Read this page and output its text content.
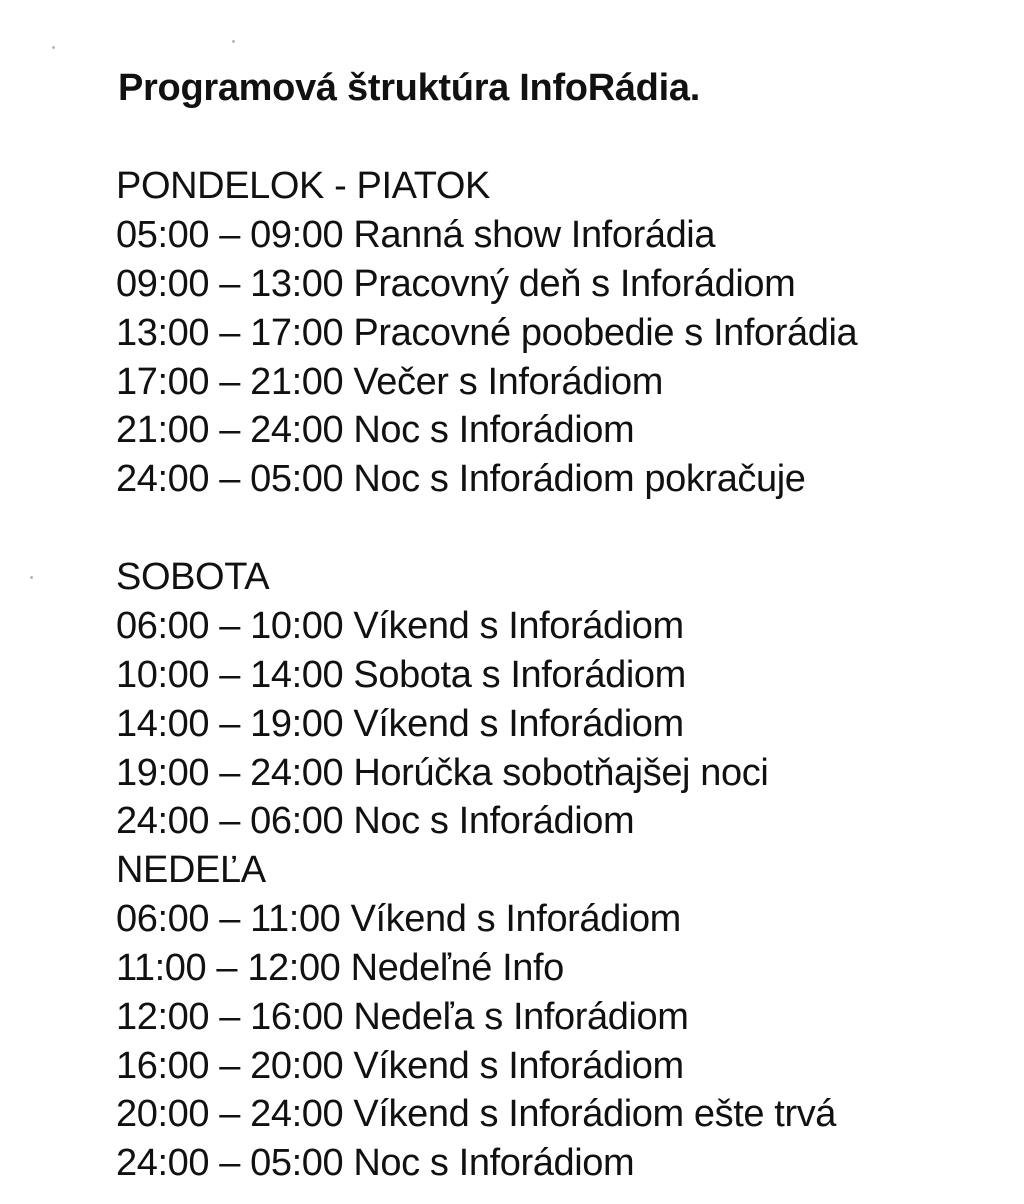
Programová štruktúra InfoRádia.
PONDELOK - PIATOK
05:00 – 09:00 Ranná show Inforádia
09:00 – 13:00 Pracovný deň s Inforádiom
13:00 – 17:00 Pracovné poobedie s Inforádia
17:00 – 21:00 Večer s Inforádiom
21:00 – 24:00 Noc s Inforádiom
24:00 – 05:00 Noc s Inforádiom pokračuje
SOBOTA
06:00 – 10:00 Víkend s Inforádiom
10:00 – 14:00 Sobota s Inforádiom
14:00 – 19:00 Víkend s Inforádiom
19:00 – 24:00 Horúčka sobotňajšej noci
24:00 – 06:00 Noc s Inforádiom
NEDEĽA
06:00 – 11:00 Víkend s Inforádiom
11:00 – 12:00 Nedeľné Info
12:00 – 16:00 Nedeľa s Inforádiom
16:00 – 20:00 Víkend s Inforádiom
20:00 – 24:00 Víkend s Inforádiom ešte trvá
24:00 – 05:00 Noc s Inforádiom
